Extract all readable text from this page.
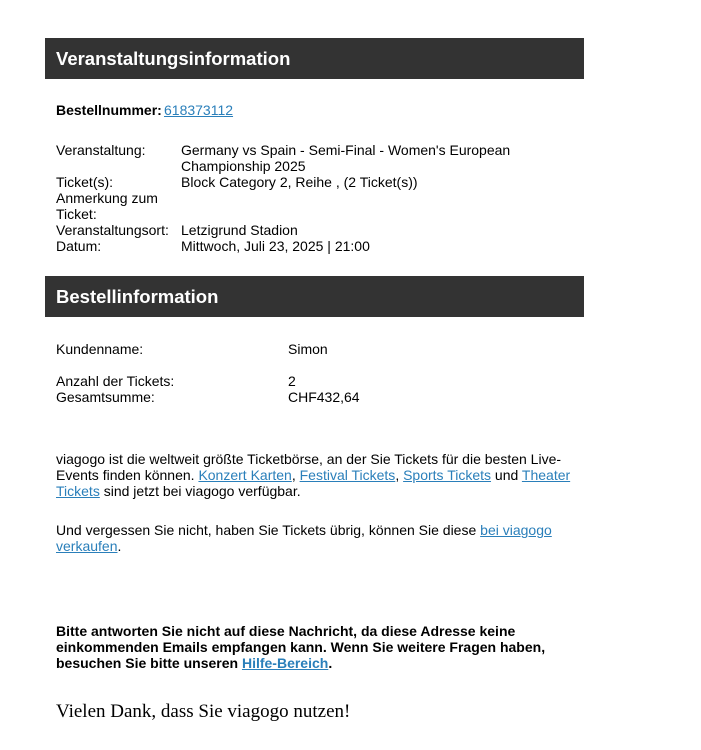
Veranstaltungsinformation
Bestellnummer: 618373112
Veranstaltung:	Germany vs Spain - Semi-Final - Women's European
Championship 2025
Ticket(s):	Block Category 2, Reihe , (2 Ticket(s))
Anmerkung zum
Ticket:
Veranstaltungsort: Letzigrund Stadion
Datum:	Mittwoch, Juli 23, 2025 | 21:00
Bestellinformation
Kundenname:	Simon
Anzahl der Tickets:	2
Gesamtsumme:	CHF432,64
viagogo ist die weltweit größte Ticketbörse, an der Sie Tickets für die besten Live-
Events finden können. Konzert Karten, Festival Tickets, Sports Tickets und Theater
Tickets sind jetzt bei viagogo verfügbar.
Und vergessen Sie nicht, haben Sie Tickets übrig, können Sie diese bei viagogo
verkaufen.
Bitte antworten Sie nicht auf diese Nachricht, da diese Adresse keine
einkommenden Emails empfangen kann. Wenn Sie weitere Fragen haben,
besuchen Sie bitte unseren Hilfe-Bereich.
Vielen Dank, dass Sie viagogo nutzen!
